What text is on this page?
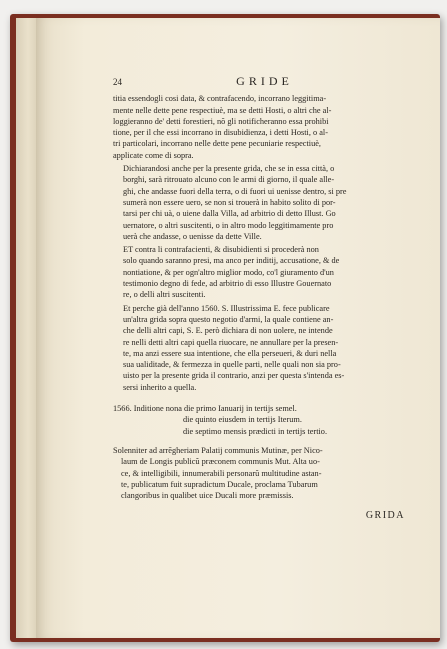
24	GRIDE
titia essendogli cosi data, & contrafacendo, incorrano leggitima-
mente nelle dette pene respectiuè, ma se detti Hosti, o altri che al-
loggieranno de' detti forestieri, nõ gli notificheranno essa prohibi
tione, per il che essi incorrano in disubidienza, i detti Hosti, o al-
tri particolari, incorrano nelle dette pene pecuniarie respectiuè,
applicate come di sopra.
Dichiarandosi anche per la presente grida, che se in essa città, o
borghi, sarà ritrouato alcuno con le armi di giorno, il quale alle-
ghi, che andasse fuori della terra, o di fuori ui uenisse dentro, si pre
sumerà non essere uero, se non si trouerà in habito solito di por-
tarsi per chi uà, o uiene dalla Villa, ad arbitrio di detto Illust. Go
uernatore, o altri suscitenti, o in altro modo leggitimamente pro
uerà che andasse, o uenisse da dette Ville.
ET contra li contrafacienti, & disubidienti si procederà non
solo quando saranno presi, ma anco per inditij, accusatione, & de
nontiatione, & per ogn'altro miglior modo, co'l giuramento d'un
testimonio degno di fede, ad arbitrio di esso Illustre Gouernato
re, o delli altri suscitenti.
Et perche già dell'anno 1560. S. Illustrissima E. fece publicare
un'altra grida sopra questo negotio d'armi, la quale contiene an-
che delli altri capi, S. E. però dichiara di non uolere, ne intende
re nelli detti altri capi quella riuocare, ne annullare per la presen-
te, ma anzi essere sua intentione, che ella perseueri, & duri nella
sua ualiditade, & fermezza in quelle parti, nelle quali non sia pro-
uisto per la presente grida il contrario, anzi per questa s'intenda es-
sersi inherito a quella.
1566. Inditione nona die primo Ianuarij in tertijs semel.
die quinto eiusdem in tertijs Iterum.
die septimo mensis prædicti in tertijs tertio.
Solenniter ad arrēgheriam Palatij communis Mutinæ, per Nico-
laum de Longis publicũ præconem communis Mut. Alta uo-
ce, & intelligibili, innumerabili personarũ multitudine astan-
te, publicatum fuit supradictum Ducale, proclama Tubarum
clangoribus in qualibet uice Ducali more præmissis.
GRIDA
